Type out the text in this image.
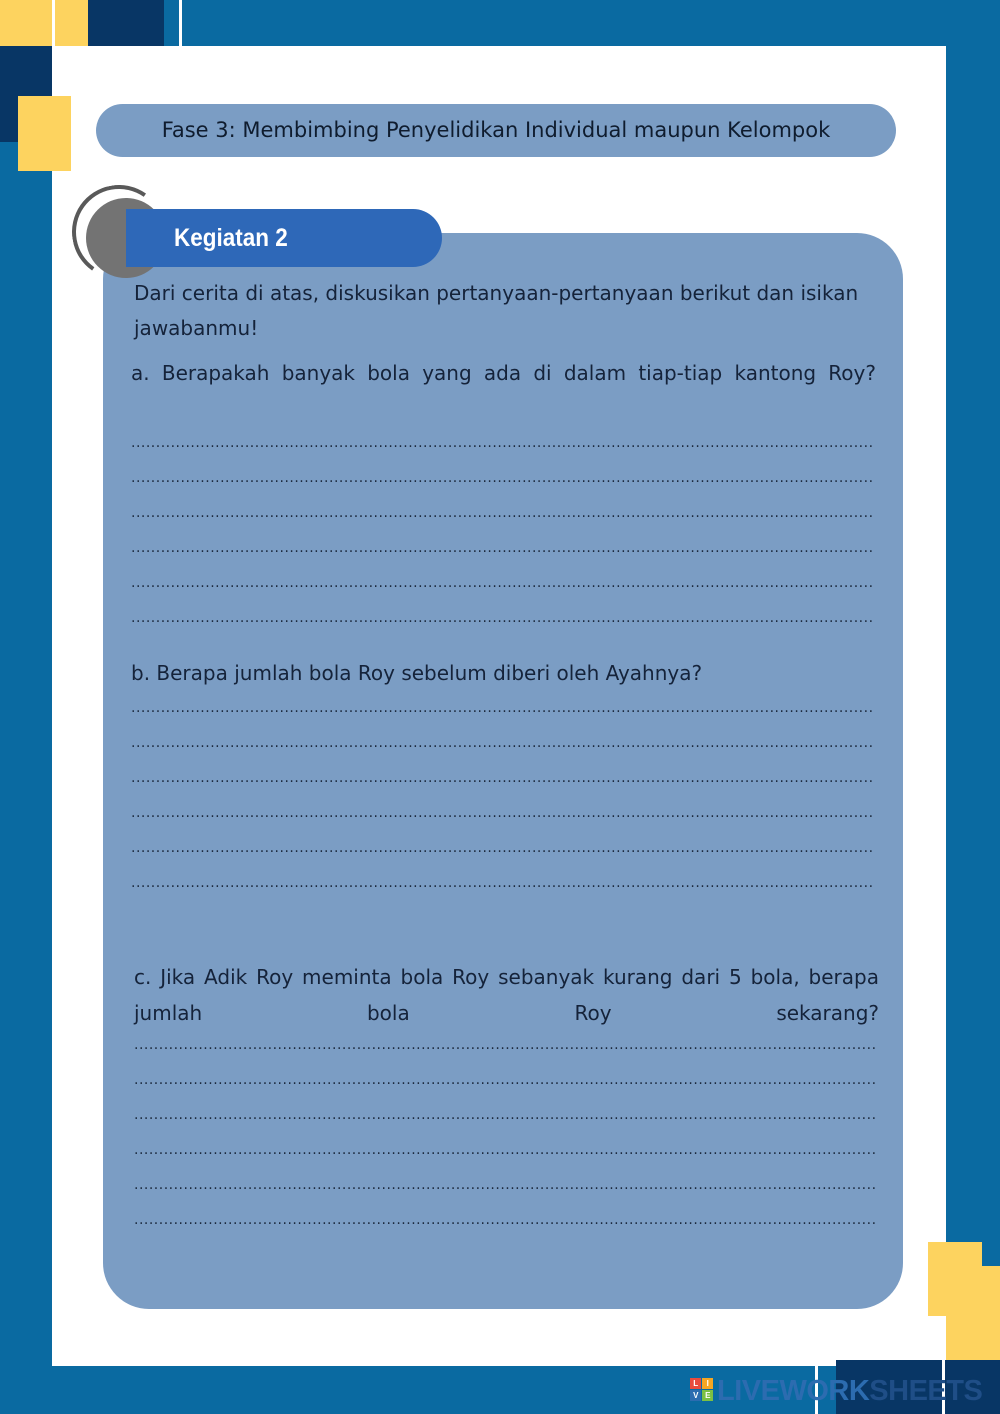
Fase 3: Membimbing Penyelidikan Individual maupun Kelompok
Kegiatan 2
Dari cerita di atas, diskusikan pertanyaan-pertanyaan berikut dan isikan jawabanmu!
a. Berapakah banyak bola yang ada di dalam tiap-tiap kantong Roy?
.....
.....
.....
.....
.....
.....
b. Berapa jumlah bola Roy sebelum diberi oleh Ayahnya?
.....
.....
.....
.....
.....
.....
c. Jika Adik Roy meminta bola Roy sebanyak kurang dari 5 bola, berapa jumlah bola Roy sekarang?
.....
.....
.....
.....
.....
.....
L	I
V E LIVEWORKSHEETS
